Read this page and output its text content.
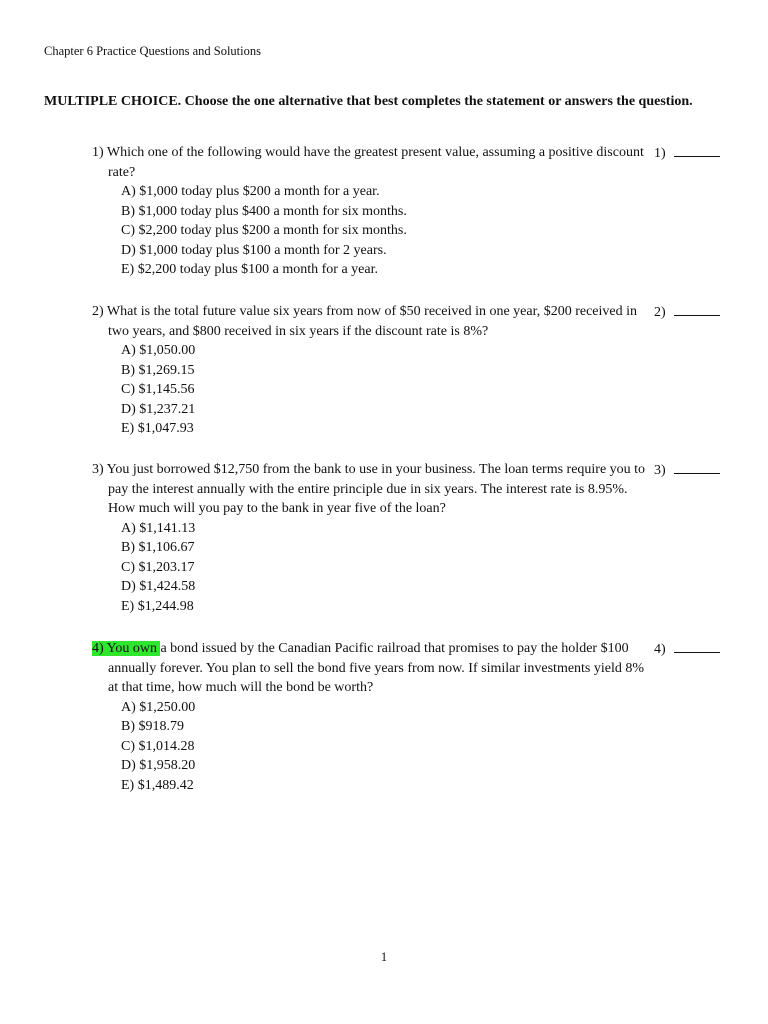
Chapter 6 Practice Questions and Solutions
MULTIPLE CHOICE. Choose the one alternative that best completes the statement or answers the question.
1) Which one of the following would have the greatest present value, assuming a positive discount rate?
A) $1,000 today plus $200 a month for a year.
B) $1,000 today plus $400 a month for six months.
C) $2,200 today plus $200 a month for six months.
D) $1,000 today plus $100 a month for 2 years.
E) $2,200 today plus $100 a month for a year.
1)
2) What is the total future value six years from now of $50 received in one year, $200 received in two years, and $800 received in six years if the discount rate is 8%?
A) $1,050.00
B) $1,269.15
C) $1,145.56
D) $1,237.21
E) $1,047.93
2)
3) You just borrowed $12,750 from the bank to use in your business. The loan terms require you to pay the interest annually with the entire principle due in six years. The interest rate is 8.95%. How much will you pay to the bank in year five of the loan?
A) $1,141.13
B) $1,106.67
C) $1,203.17
D) $1,424.58
E) $1,244.98
3)
4) You own a bond issued by the Canadian Pacific railroad that promises to pay the holder $100 annually forever. You plan to sell the bond five years from now. If similar investments yield 8% at that time, how much will the bond be worth?
A) $1,250.00
B) $918.79
C) $1,014.28
D) $1,958.20
E) $1,489.42
4)
1
